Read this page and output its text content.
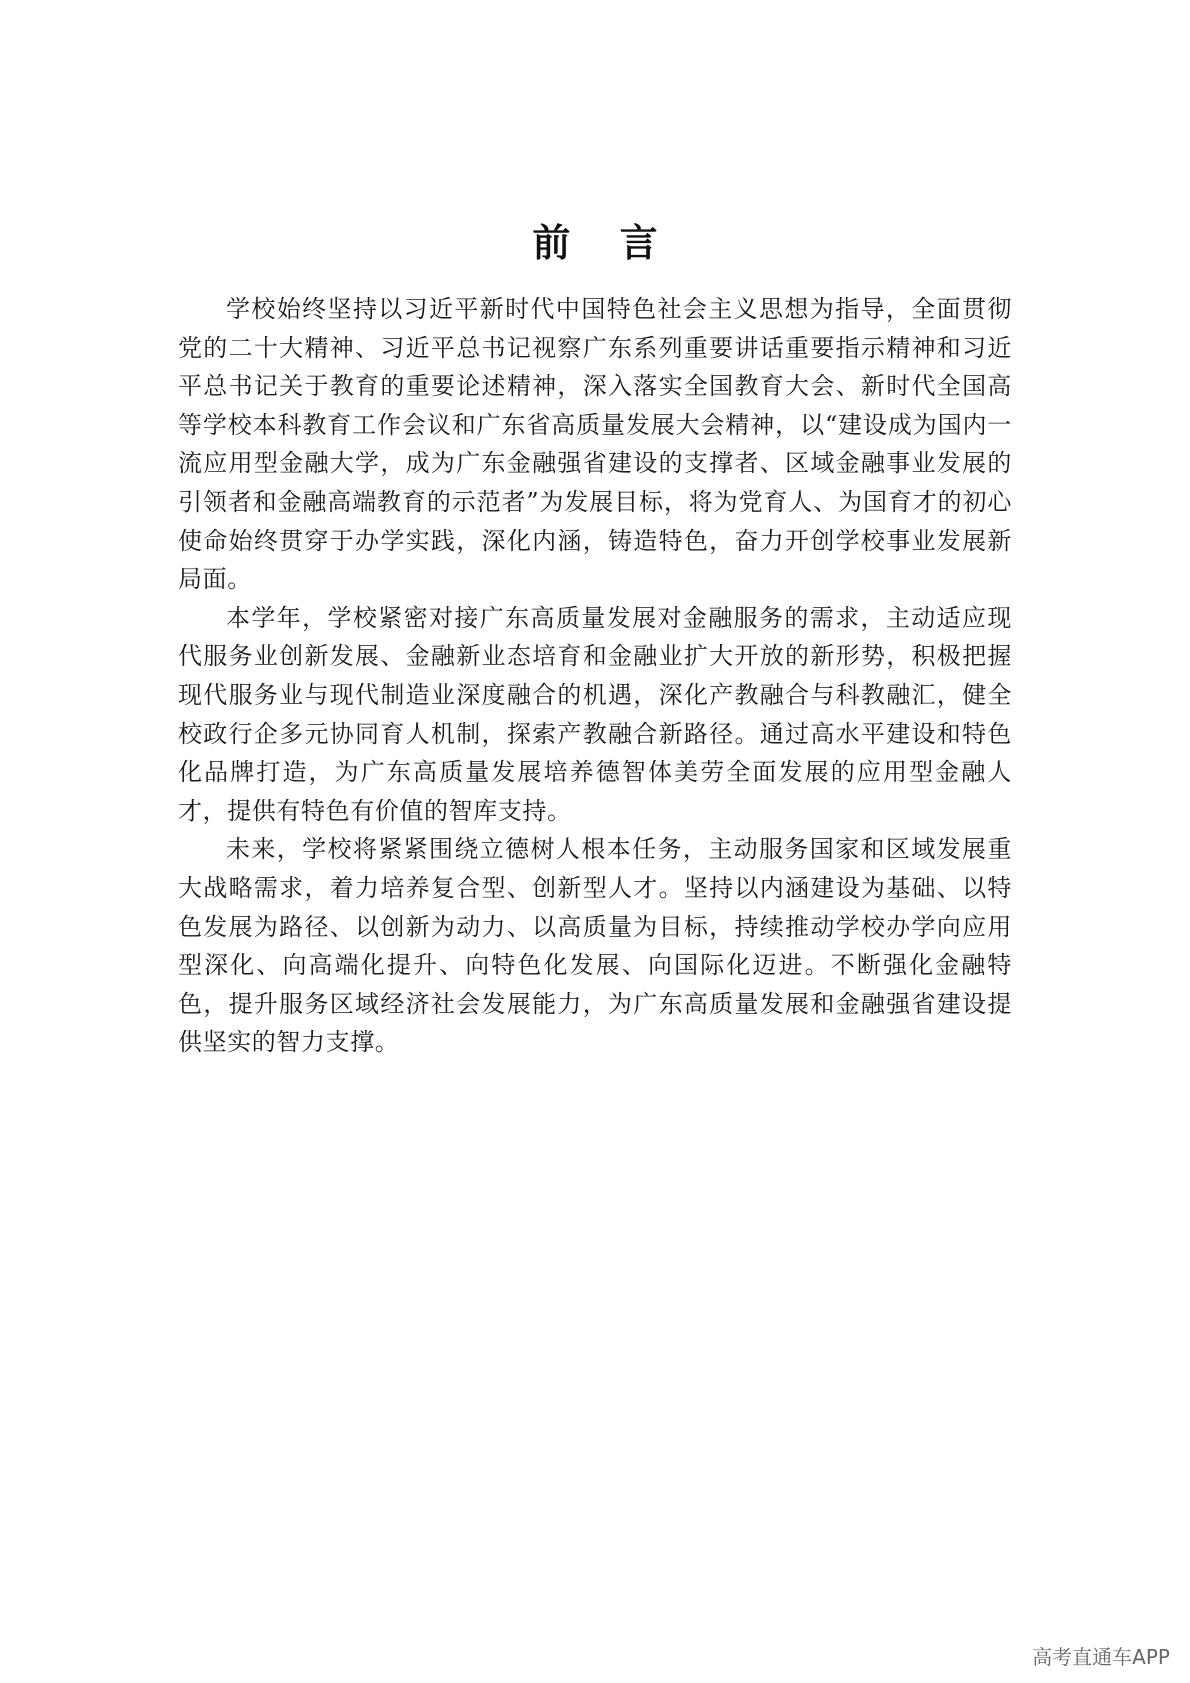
前 言

学校始终坚持以习近平新时代中国特色社会主义思想为指导，全面贯彻党的二十大精神、习近平总书记视察广东系列重要讲话重要指示精神和习近平总书记关于教育的重要论述精神，深入落实全国教育大会、新时代全国高等学校本科教育工作会议和广东省高质量发展大会精神，以“建设成为国内一流应用型金融大学，成为广东金融强省建设的支撑者、区域金融事业发展的引领者和金融高端教育的示范者”为发展目标，将为党育人、为国育才的初心使命始终贯穿于办学实践，深化内涵，铸造特色，奋力开创学校事业发展新局面。

本学年，学校紧密对接广东高质量发展对金融服务的需求，主动适应现代服务业创新发展、金融新业态培育和金融业扩大开放的新形势，积极把握现代服务业与现代制造业深度融合的机遇，深化产教融合与科教融汇，健全校政行企多元协同育人机制，探索产教融合新路径。通过高水平建设和特色化品牌打造，为广东高质量发展培养德智体美劳全面发展的应用型金融人才，提供有特色有价值的智库支持。

未来，学校将紧紧围绕立德树人根本任务，主动服务国家和区域发展重大战略需求，着力培养复合型、创新型人才。坚持以内涵建设为基础、以特色发展为路径、以创新为动力、以高质量为目标，持续推动学校办学向应用型深化、向高端化提升、向特色化发展、向国际化迈进。不断强化金融特色，提升服务区域经济社会发展能力，为广东高质量发展和金融强省建设提供坚实的智力支撑。

高考直通车APP
